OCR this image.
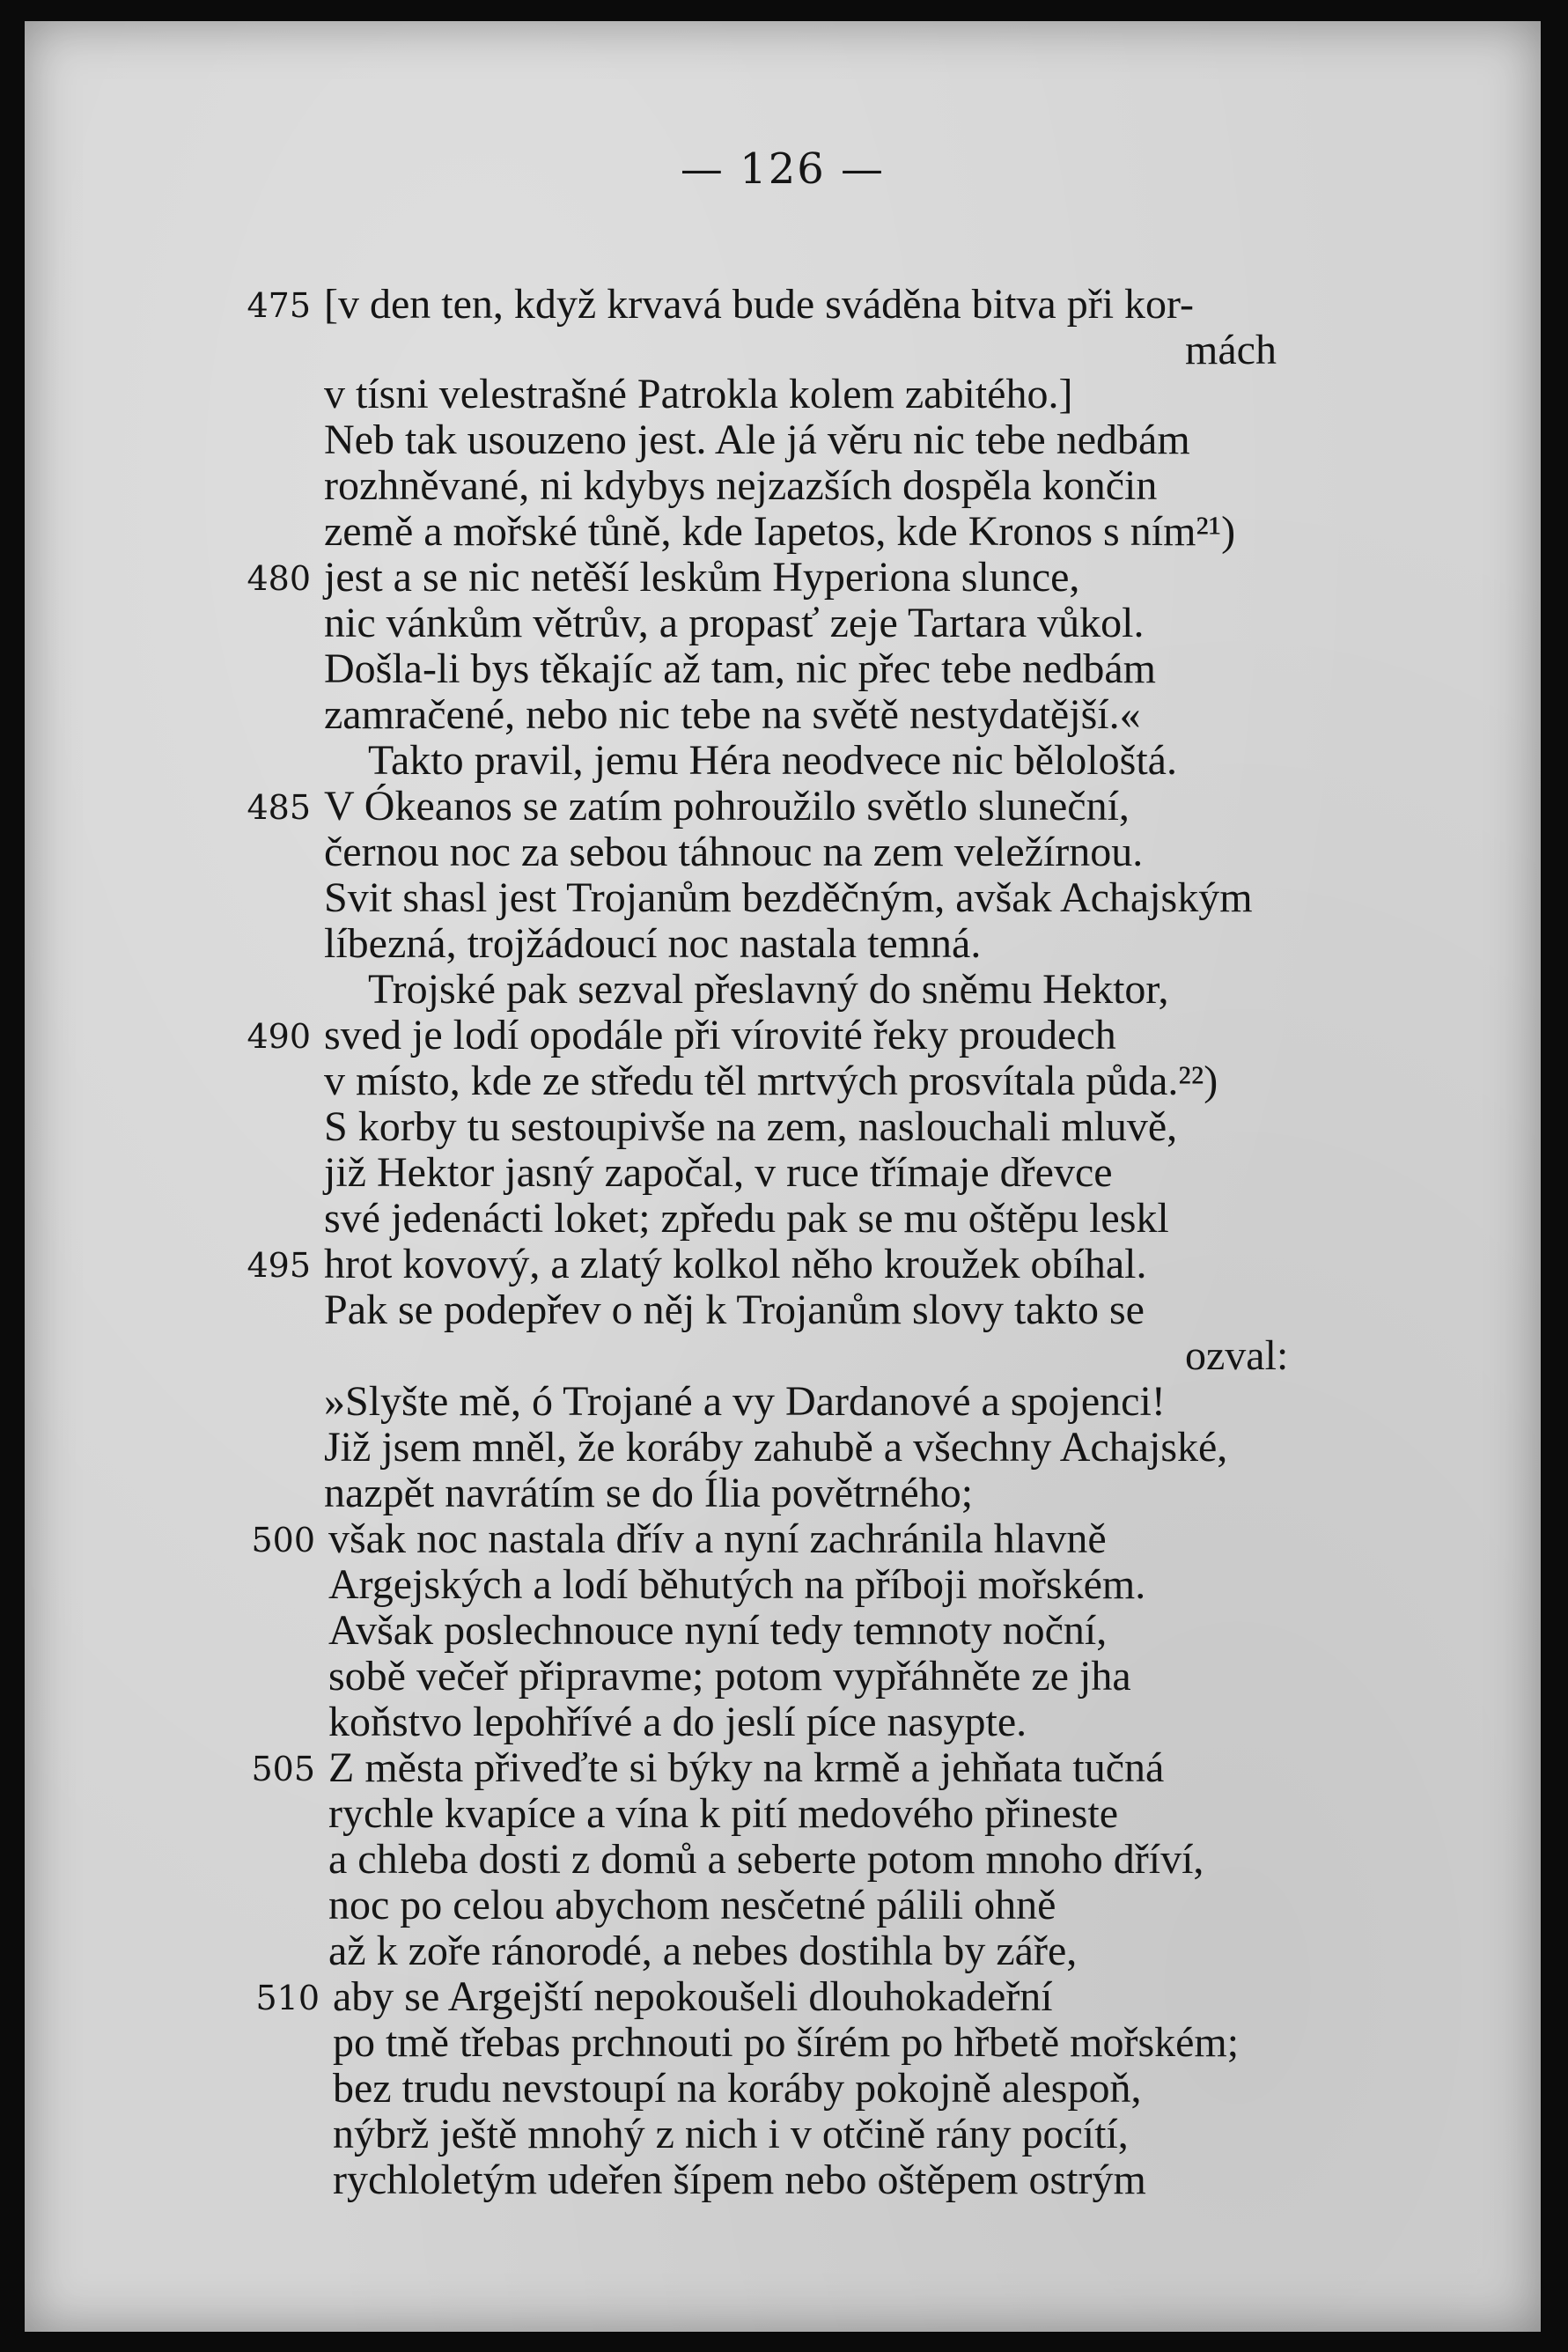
— 126 —
475 [v den ten, když krvavá bude sváděna bitva při kor-
mách
v tísni velestrašné Patrokla kolem zabitého.]
Neb tak usouzeno jest. Ale já věru nic tebe nedbám
rozhněvané, ni kdybys nejzazších dospěla končin
země a mořské tůně, kde Iapetos, kde Kronos s ním²¹)
480 jest a se nic netěší leskům Hyperiona slunce,
nic vánkům větrův, a propasť zeje Tartara vůkol.
Došla-li bys těkajíc až tam, nic přec tebe nedbám
zamračené, nebo nic tebe na světě nestydatější.«
Takto pravil, jemu Héra neodvece nic bělološtá.
485 V Ókeanos se zatím pohroužilo světlo sluneční,
černou noc za sebou táhnouc na zem veležírnou.
Svit shasl jest Trojanům bezděčným, avšak Achajským
líbezná, trojžádoucí noc nastala temná.
Trojské pak sezval přeslavný do sněmu Hektor,
490 sved je lodí opodále při vírovité řeky proudech
v místo, kde ze středu těl mrtvých prosvítala půda.²²)
S korby tu sestoupivše na zem, naslouchali mluvě,
již Hektor jasný započal, v ruce třímaje dřevce
své jedenácti loket; zpředu pak se mu oštěpu leskl
495 hrot kovový, a zlatý kolkol něho kroužek obíhal.
Pak se podepřev o něj k Trojanům slovy takto se
ozval:
»Slyšte mě, ó Trojané a vy Dardanové a spojenci!
Již jsem mněl, že koráby zahubě a všechny Achajské,
nazpět navrátím se do Ília povětrného;
500 však noc nastala dřív a nyní zachránila hlavně
Argejských a lodí běhutých na příboji mořském.
Avšak poslechnouce nyní tedy temnoty noční,
sobě večeř připravme; potom vypřáhněte ze jha
koňstvo lepohřívé a do jeslí píce nasypte.
505 Z města přiveďte si býky na krmě a jehňata tučná
rychle kvapíce a vína k pití medového přineste
a chleba dosti z domů a seberte potom mnoho dříví,
noc po celou abychom nesčetné pálili ohně
až k zoře ránorodé, a nebes dostihla by záře,
510 aby se Argejští nepokoušeli dlouhokadeřní
po tmě třebas prchnouti po šírém po hřbetě mořském;
bez trudu nevstoupí na koráby pokojně alespoň,
nýbrž ještě mnohý z nich i v otčině rány pocítí,
rychloletým udeřen šípem nebo oštěpem ostrým
